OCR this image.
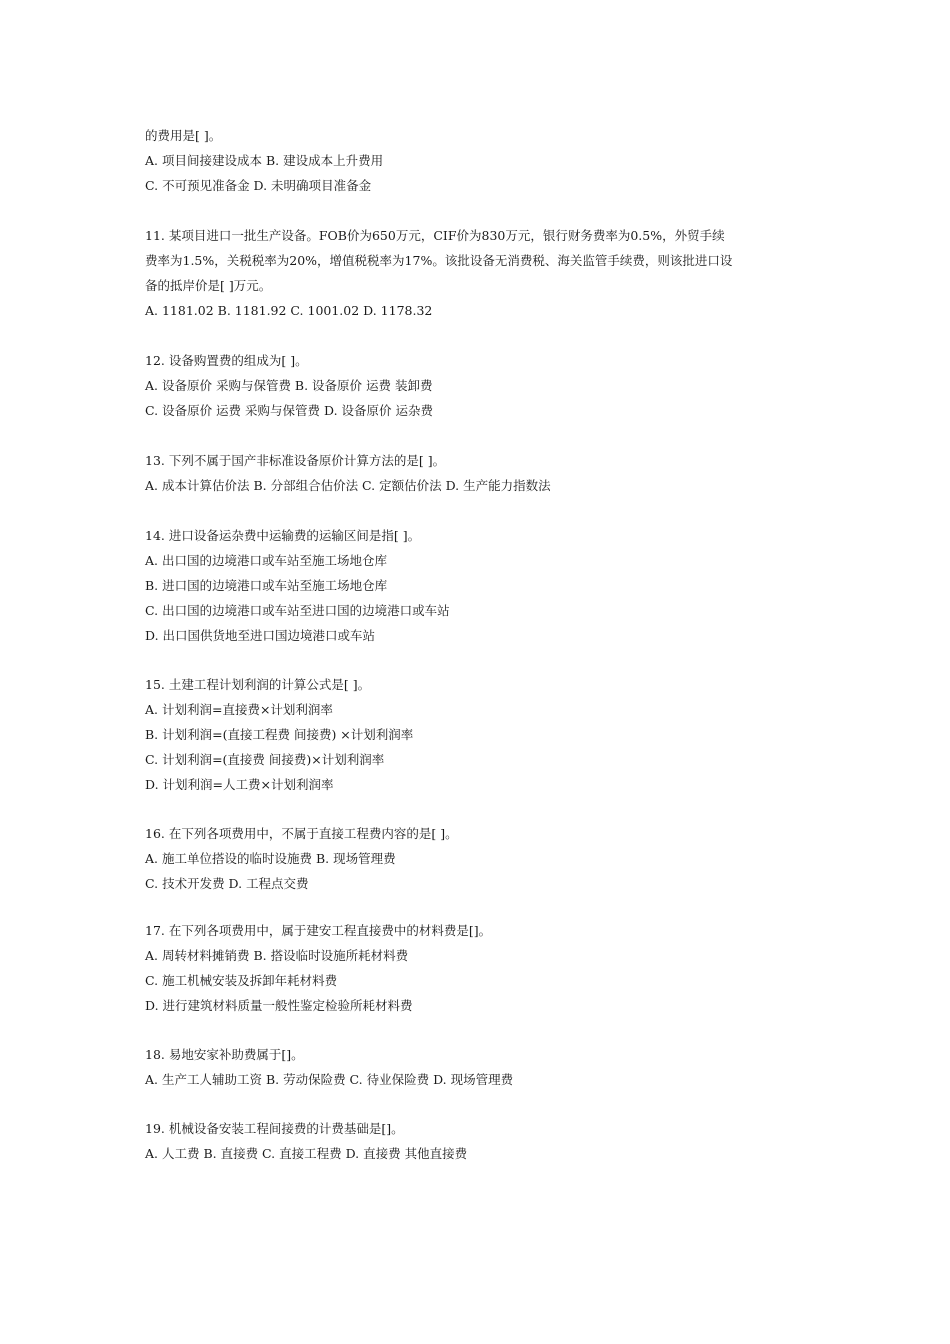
的费用是[ ]。
A. 项目间接建设成本 B. 建设成本上升费用
C. 不可预见准备金 D. 未明确项目准备金
11. 某项目进口一批生产设备。FOB价为650万元，CIF价为830万元，银行财务费率为0.5%，外贸手续
费率为1.5%，关税税率为20%，增值税税率为17%。该批设备无消费税、海关监管手续费，则该批进口设
备的抵岸价是[ ]万元。
A. 1181.02 B. 1181.92 C. 1001.02 D. 1178.32
12. 设备购置费的组成为[ ]。
A. 设备原价 采购与保管费 B. 设备原价 运费 装卸费
C. 设备原价 运费 采购与保管费 D. 设备原价 运杂费
13. 下列不属于国产非标准设备原价计算方法的是[ ]。
A. 成本计算估价法 B. 分部组合估价法 C. 定额估价法 D. 生产能力指数法
14. 进口设备运杂费中运输费的运输区间是指[ ]。
A. 出口国的边境港口或车站至施工场地仓库
B. 进口国的边境港口或车站至施工场地仓库
C. 出口国的边境港口或车站至进口国的边境港口或车站
D. 出口国供货地至进口国边境港口或车站
15. 土建工程计划利润的计算公式是[ ]。
A. 计划利润=直接费×计划利润率
B. 计划利润=(直接工程费 间接费) ×计划利润率
C. 计划利润=(直接费 间接费)×计划利润率
D. 计划利润=人工费×计划利润率
16. 在下列各项费用中，不属于直接工程费内容的是[ ]。
A. 施工单位搭设的临时设施费 B. 现场管理费
C. 技术开发费 D. 工程点交费
17. 在下列各项费用中，属于建安工程直接费中的材料费是[]。
A. 周转材料摊销费 B. 搭设临时设施所耗材料费
C. 施工机械安装及拆卸年耗材料费
D. 进行建筑材料质量一般性鉴定检验所耗材料费
18. 易地安家补助费属于[]。
A. 生产工人辅助工资 B. 劳动保险费 C. 待业保险费 D. 现场管理费
19. 机械设备安装工程间接费的计费基础是[]。
A. 人工费 B. 直接费 C. 直接工程费 D. 直接费 其他直接费
